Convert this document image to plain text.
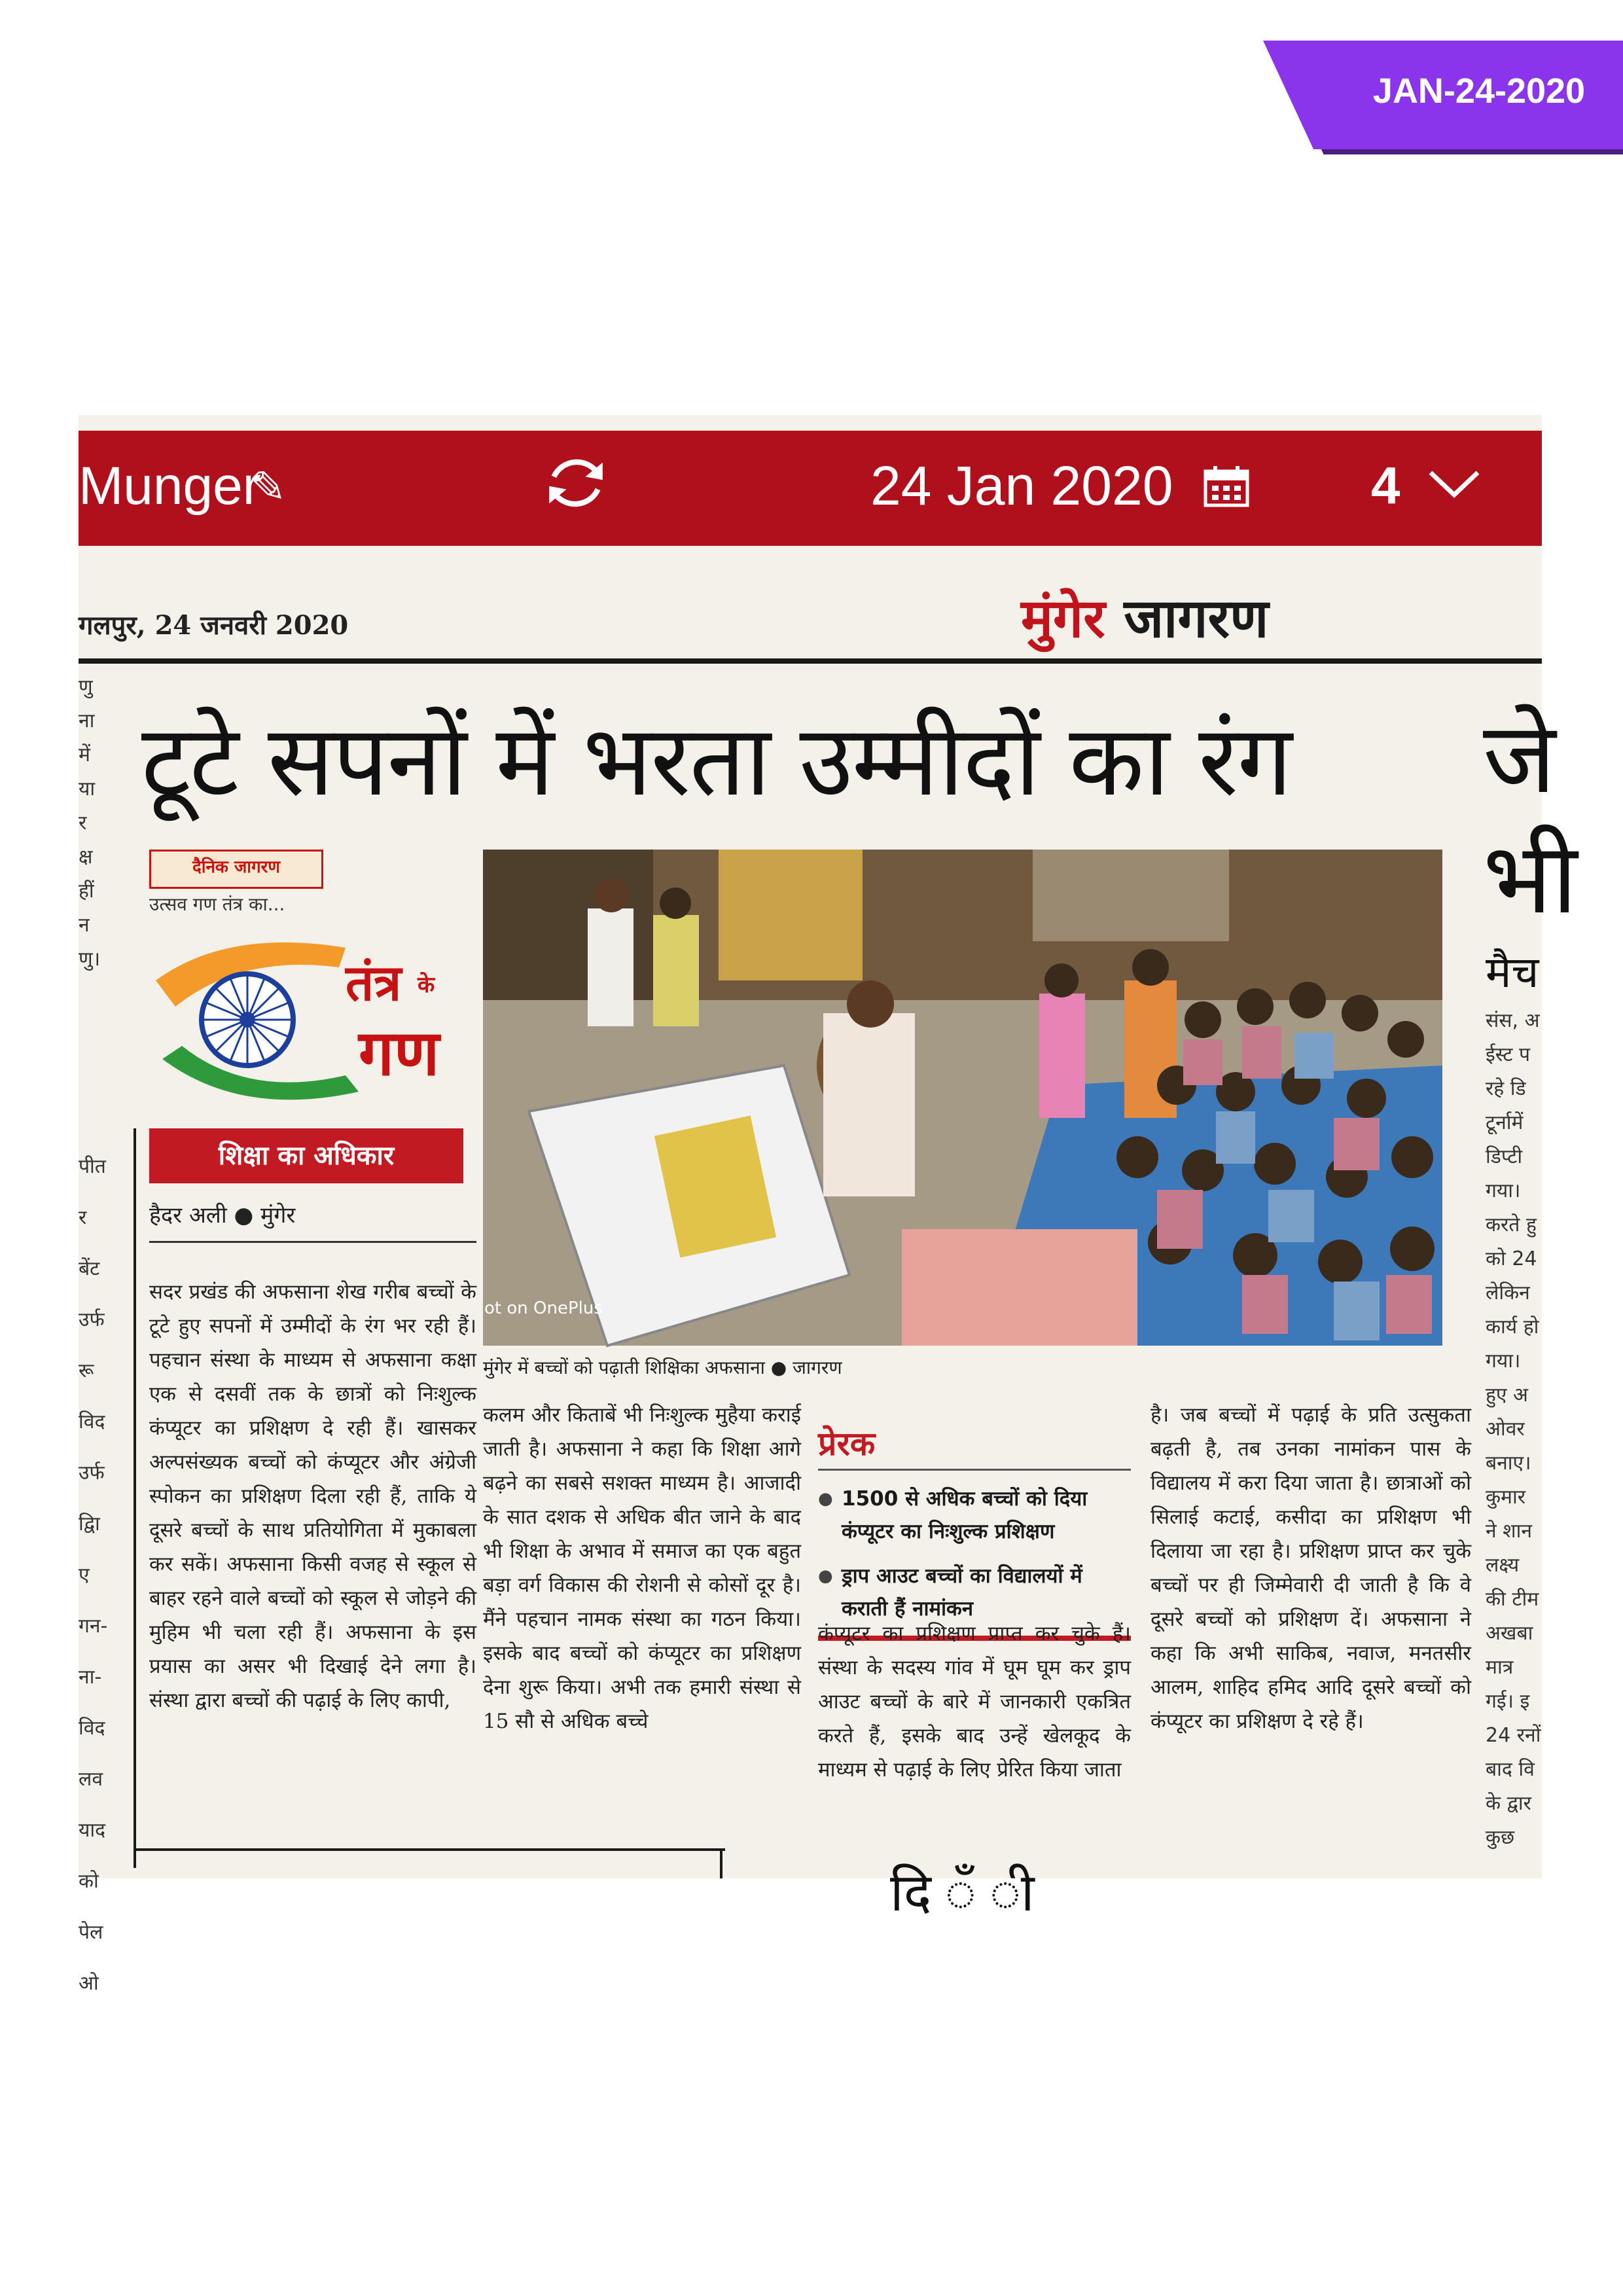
JAN-24-2020
Munger
✎	24 Jan 2020	4
गलपुर, 24 जनवरी 2020	मुंगेर जागरण
टूटे सपनों में भरता उम्मीदों का रंग जे
भी
मैच
णु
ना
में
या
र
क्ष
हीं
न
णु।
पीत
र
बेंट
उर्फ
रू
विद
उर्फ
द्विा
ए
गन-
ना-
विद
लव
याद
को
पेल
ओ
संस, अ
ईस्ट प
रहे डि
टूर्नामें
डिप्टी
गया।
करते हु
को 24
लेकिन
कार्य हो
गया।
हुए अ
ओवर
बनाए।
कुमार
ने शान
लक्ष्य
की टीम
अखबा
मात्र
गई। इ
24 रनों
बाद वि
के द्वार
कुछ
दैनिक जागरण
उत्सव गण तंत्र का...
तंत्र के
गण
शिक्षा का अधिकार
हैदर अली ● मुंगेर
ot on OnePlus
मुंगेर में बच्चों को पढ़ाती शिक्षिका अफसाना ● जागरण
सदर प्रखंड की अफसाना शेख गरीब बच्चों के टूटे हुए सपनों में उम्मीदों के रंग भर रही हैं। पहचान संस्था के माध्यम से अफसाना कक्षा एक से दसवीं तक के छात्रों को निःशुल्क कंप्यूटर का प्रशिक्षण दे रही हैं। खासकर अल्पसंख्यक बच्चों को कंप्यूटर और अंग्रेजी स्पोकन का प्रशिक्षण दिला रही हैं, ताकि ये दूसरे बच्चों के साथ प्रतियोगिता में मुकाबला कर सकें। अफसाना किसी वजह से स्कूल से बाहर रहने वाले बच्चों को स्कूल से जोड़ने की मुहिम भी चला रही हैं। अफसाना के इस प्रयास का असर भी दिखाई देने लगा है। संस्था द्वारा बच्चों की पढ़ाई के लिए कापी,
कलम और किताबें भी निःशुल्क मुहैया कराई जाती है। अफसाना ने कहा कि शिक्षा आगे बढ़ने का सबसे सशक्त माध्यम है। आजादी के सात दशक से अधिक बीत जाने के बाद भी शिक्षा के अभाव में समाज का एक बहुत बड़ा वर्ग विकास की रोशनी से कोसों दूर है। मैंने पहचान नामक संस्था का गठन किया। इसके बाद बच्चों को कंप्यूटर का प्रशिक्षण देना शुरू किया। अभी तक हमारी संस्था से 15 सौ से अधिक बच्चे
प्रेरक
● 1500 से अधिक बच्चों को दिया कंप्यूटर का निःशुल्क प्रशिक्षण
● ड्राप आउट बच्चों का विद्यालयों में कराती हैं नामांकन
कंप्यूटर का प्रशिक्षण प्राप्त कर चुके हैं। संस्था के सदस्य गांव में घूम घूम कर ड्राप आउट बच्चों के बारे में जानकारी एकत्रित करते हैं, इसके बाद उन्हें खेलकूद के माध्यम से पढ़ाई के लिए प्रेरित किया जाता
है। जब बच्चों में पढ़ाई के प्रति उत्सुकता बढ़ती है, तब उनका नामांकन पास के विद्यालय में करा दिया जाता है। छात्राओं को सिलाई कटाई, कसीदा का प्रशिक्षण भी दिलाया जा रहा है। प्रशिक्षण प्राप्त कर चुके बच्चों पर ही जिम्मेवारी दी जाती है कि वे दूसरे बच्चों को प्रशिक्षण दें। अफसाना ने कहा कि अभी साकिब, नवाज, मनतसीर आलम, शाहिद हमिद आदि दूसरे बच्चों को कंप्यूटर का प्रशिक्षण दे रहे हैं।
दि ँ ी
